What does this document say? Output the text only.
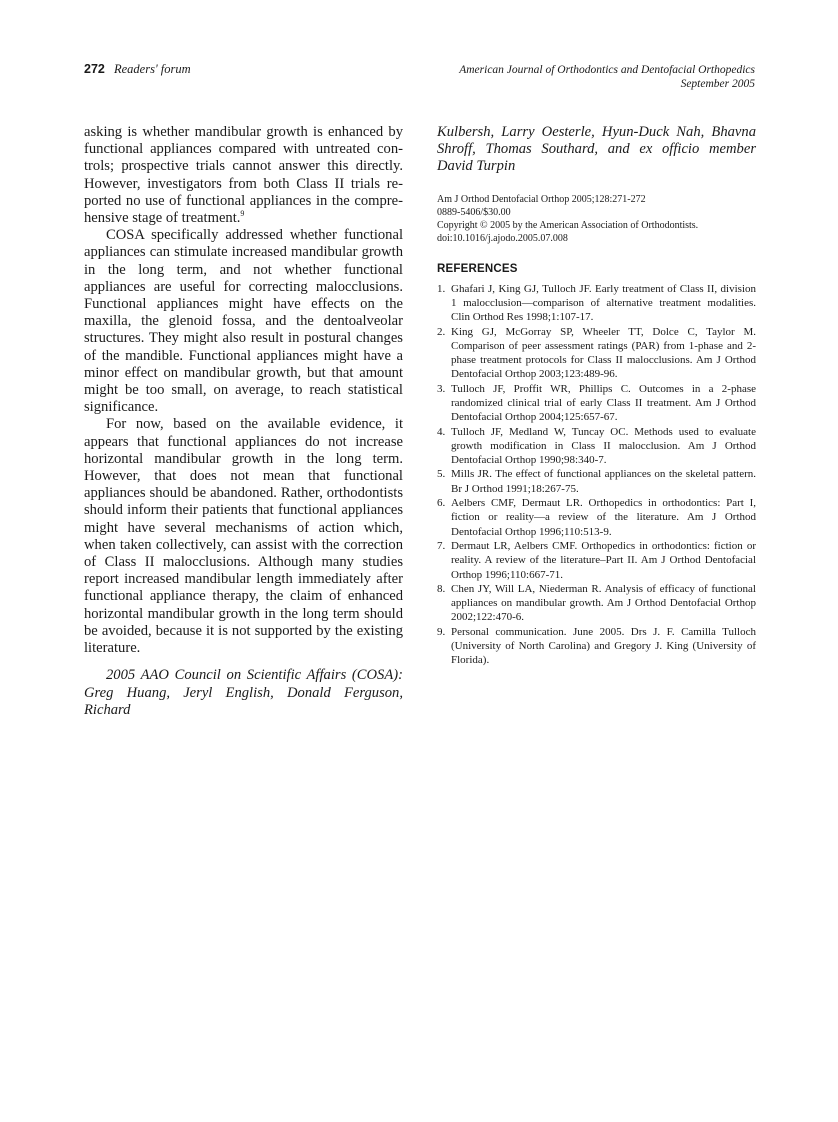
272 Readers' forum	American Journal of Orthodontics and Dentofacial Orthopedics
September 2005

asking is whether mandibular growth is enhanced by functional appliances compared with untreated controls; prospective trials cannot answer this directly. However, investigators from both Class II trials reported no use of functional appliances in the comprehensive stage of treatment.$^9$

COSA specifically addressed whether functional appliances can stimulate increased mandibular growth in the long term, and not whether functional appliances are useful for correcting malocclusions. Functional appliances might have effects on the maxilla, the glenoid fossa, and the dentoalveolar structures. They might also result in postural changes of the mandible. Functional appliances might have a minor effect on mandibular growth, but that amount might be too small, on average, to reach statistical significance.

For now, based on the available evidence, it appears that functional appliances do not increase horizontal mandibular growth in the long term. However, that does not mean that functional appliances should be abandoned. Rather, orthodontists should inform their patients that functional appliances might have several mechanisms of action which, when taken collectively, can assist with the correction of Class II malocclusions. Although many studies report increased mandibular length immediately after functional appliance therapy, the claim of enhanced horizontal mandibular growth in the long term should be avoided, because it is not supported by the existing literature.

2005 AAO Council on Scientific Affairs (COSA): Greg Huang, Jeryl English, Donald Ferguson, Richard

Kulbersh, Larry Oesterle, Hyun-Duck Nah, Bhavna Shroff, Thomas Southard, and ex officio member David Turpin

Am J Orthod Dentofacial Orthop 2005;128:271-272
0889-5406/$30.00
Copyright © 2005 by the American Association of Orthodontists.
doi:10.1016/j.ajodo.2005.07.008
REFERENCES
1. Ghafari J, King GJ, Tulloch JF. Early treatment of Class II, division 1 malocclusion—comparison of alternative treatment modalities. Clin Orthod Res 1998;1:107-17.
2. King GJ, McGorray SP, Wheeler TT, Dolce C, Taylor M. Comparison of peer assessment ratings (PAR) from 1-phase and 2-phase treatment protocols for Class II malocclusions. Am J Orthod Dentofacial Orthop 2003;123:489-96.
3. Tulloch JF, Proffit WR, Phillips C. Outcomes in a 2-phase randomized clinical trial of early Class II treatment. Am J Orthod Dentofacial Orthop 2004;125:657-67.
4. Tulloch JF, Medland W, Tuncay OC. Methods used to evaluate growth modification in Class II malocclusion. Am J Orthod Dentofacial Orthop 1990;98:340-7.
5. Mills JR. The effect of functional appliances on the skeletal pattern. Br J Orthod 1991;18:267-75.
6. Aelbers CMF, Dermaut LR. Orthopedics in orthodontics: Part I, fiction or reality—a review of the literature. Am J Orthod Dentofacial Orthop 1996;110:513-9.
7. Dermaut LR, Aelbers CMF. Orthopedics in orthodontics: fiction or reality. A review of the literature–Part II. Am J Orthod Dentofacial Orthop 1996;110:667-71.
8. Chen JY, Will LA, Niederman R. Analysis of efficacy of functional appliances on mandibular growth. Am J Orthod Dentofacial Orthop 2002;122:470-6.
9. Personal communication. June 2005. Drs J. F. Camilla Tulloch (University of North Carolina) and Gregory J. King (University of Florida).
